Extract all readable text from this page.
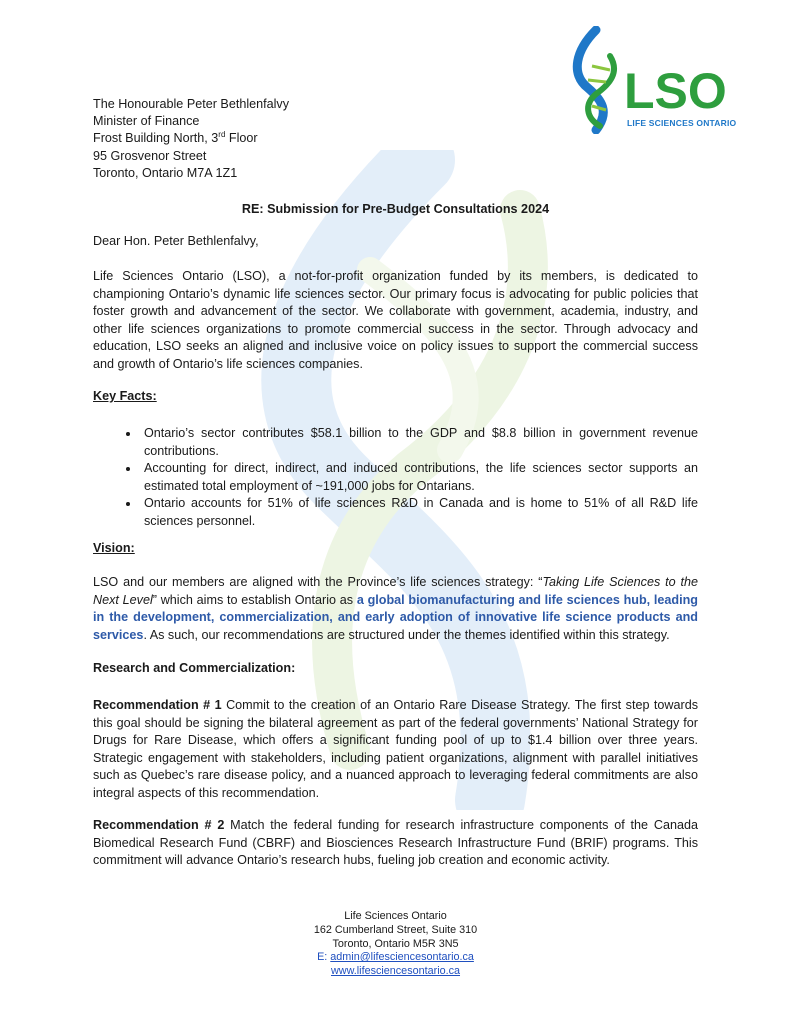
LSO
LIFE SCIENCES ONTARIO
The Honourable Peter Bethlenfalvy
Minister of Finance
Frost Building North, 3rd Floor
95 Grosvenor Street
Toronto, Ontario M7A 1Z1
RE: Submission for Pre-Budget Consultations 2024
Dear Hon. Peter Bethlenfalvy,
Life Sciences Ontario (LSO), a not-for-profit organization funded by its members, is dedicated to championing Ontario’s dynamic life sciences sector. Our primary focus is advocating for public policies that foster growth and advancement of the sector. We collaborate with government, academia, industry, and other life sciences organizations to promote commercial success in the sector. Through advocacy and education, LSO seeks an aligned and inclusive voice on policy issues to support the commercial success and growth of Ontario’s life sciences companies.
Key Facts:
• Ontario’s sector contributes $58.1 billion to the GDP and $8.8 billion in government revenue contributions.
• Accounting for direct, indirect, and induced contributions, the life sciences sector supports an estimated total employment of ~191,000 jobs for Ontarians.
• Ontario accounts for 51% of life sciences R&D in Canada and is home to 51% of all R&D life sciences personnel.
Vision:
LSO and our members are aligned with the Province’s life sciences strategy: “Taking Life Sciences to the Next Level” which aims to establish Ontario as a global biomanufacturing and life sciences hub, leading in the development, commercialization, and early adoption of innovative life science products and services. As such, our recommendations are structured under the themes identified within this strategy.
Research and Commercialization:
Recommendation # 1 Commit to the creation of an Ontario Rare Disease Strategy. The first step towards this goal should be signing the bilateral agreement as part of the federal governments’ National Strategy for Drugs for Rare Disease, which offers a significant funding pool of up to $1.4 billion over three years. Strategic engagement with stakeholders, including patient organizations, alignment with parallel initiatives such as Quebec’s rare disease policy, and a nuanced approach to leveraging federal commitments are also integral aspects of this recommendation.
Recommendation # 2 Match the federal funding for research infrastructure components of the Canada Biomedical Research Fund (CBRF) and Biosciences Research Infrastructure Fund (BRIF) programs. This commitment will advance Ontario’s research hubs, fueling job creation and economic activity.
Life Sciences Ontario
162 Cumberland Street, Suite 310
Toronto, Ontario M5R 3N5
E: admin@lifesciencesontario.ca
www.lifesciencesontario.ca
